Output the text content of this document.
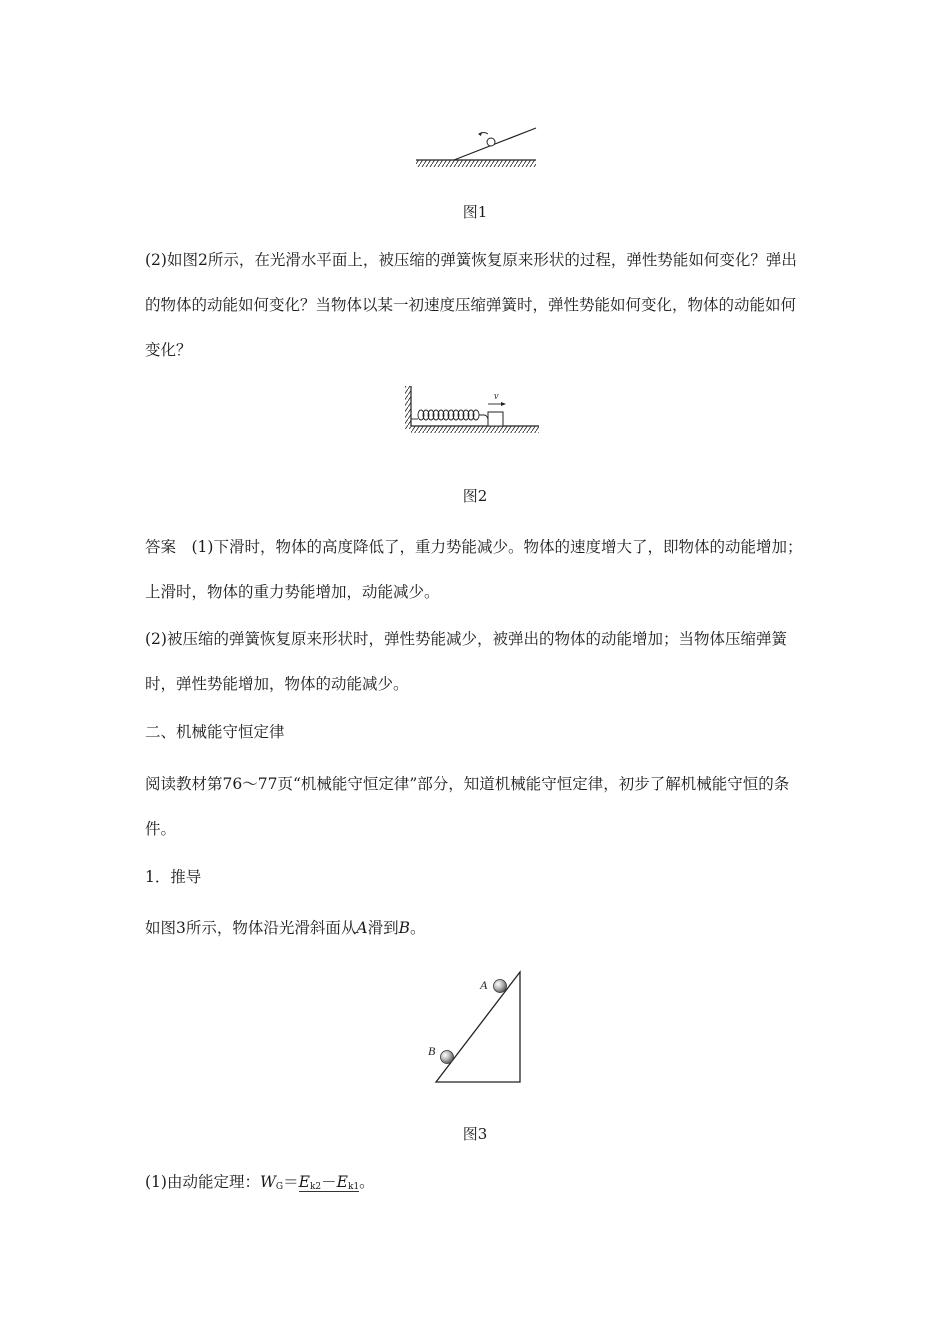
图1

(2)如图2所示，在光滑水平面上，被压缩的弹簧恢复原来形状的过程，弹性势能如何变化？弹出的物体的动能如何变化？当物体以某一初速度压缩弹簧时，弹性势能如何变化，物体的动能如何变化？

v
图2

答案　(1)下滑时，物体的高度降低了，重力势能减少。物体的速度增大了，即物体的动能增加；上滑时，物体的重力势能增加，动能减少。

(2)被压缩的弹簧恢复原来形状时，弹性势能减少，被弹出的物体的动能增加；当物体压缩弹簧时，弹性势能增加，物体的动能减少。

二、机械能守恒定律

阅读教材第76～77页“机械能守恒定律”部分，知道机械能守恒定律，初步了解机械能守恒的条件。

1．推导

如图3所示，物体沿光滑斜面从A滑到B。

A
B
图3

(1)由动能定理：$W_G=E_{k2}-E_{k1}$。
